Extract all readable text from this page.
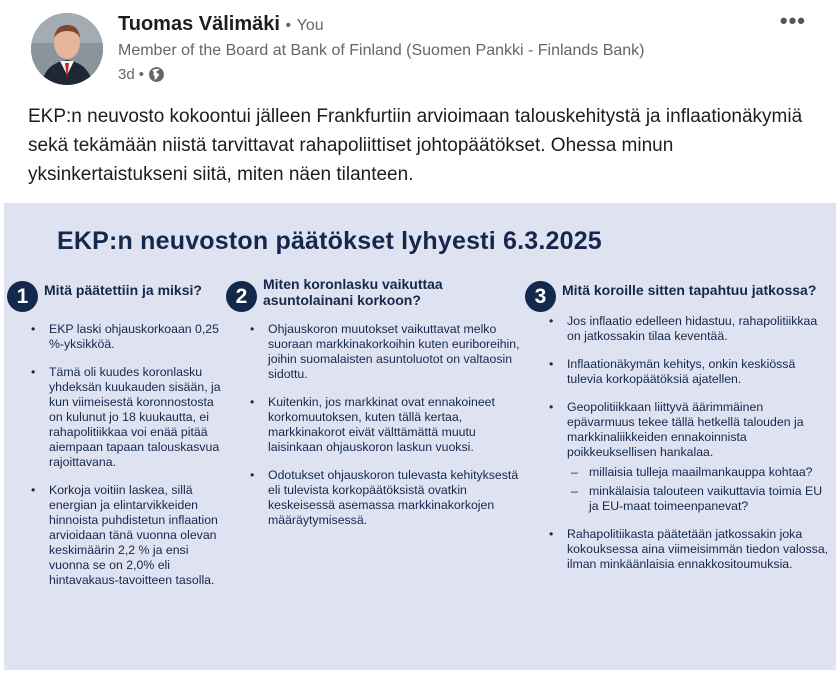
Tuomas Välimäki • You
Member of the Board at Bank of Finland (Suomen Pankki - Finlands Bank)
3d •
•••
EKP:n neuvosto kokoontui jälleen Frankfurtiin arvioimaan talouskehitystä ja inflaationäkymiä sekä tekämään niistä tarvittavat rahapoliittiset johtopäätökset. Ohessa minun yksinkertaistukseni siitä, miten näen tilanteen.
EKP:n neuvoston päätökset lyhyesti 6.3.2025
1	Mitä päätettiin ja miksi?
• EKP laski ohjauskorkoaan 0,25 %-yksikköä.
• Tämä oli kuudes koronlasku yhdeksän kuukauden sisään, ja kun viimeisestä koronnostosta on kulunut jo 18 kuukautta, ei rahapolitiikkaa voi enää pitää aiempaan tapaan talouskasvua rajoittavana.
• Korkoja voitiin laskea, sillä energian ja elintarvikkeiden hinnoista puhdistetun inflaation arvioidaan tänä vuonna olevan keskimäärin 2,2 % ja ensi vuonna se on 2,0% eli hintavakaus-tavoitteen tasolla.
2
Miten koronlasku vaikuttaa asuntolainani korkoon?
• Ohjauskoron muutokset vaikuttavat melko suoraan markkinakorkoihin kuten euriboreihin, joihin suomalaisten asuntoluotot on valtaosin sidottu.
• Kuitenkin, jos markkinat ovat ennakoineet korkomuutoksen, kuten tällä kertaa, markkinakorot eivät välttämättä muutu laisinkaan ohjauskoron laskun vuoksi.
• Odotukset ohjauskoron tulevasta kehityksestä eli tulevista korkopäätöksistä ovatkin keskeisessä asemassa markkinakorkojen määräytymisessä.
3	Mitä koroille sitten tapahtuu jatkossa?
• Jos inflaatio edelleen hidastuu, rahapolitiikkaa on jatkossakin tilaa keventää.
• Inflaationäkymän kehitys, onkin keskiössä tulevia korkopäätöksiä ajatellen.
• Geopolitiikkaan liittyvä äärimmäinen epävarmuus tekee tällä hetkellä talouden ja markkinaliikkeiden ennakoinnista poikkeuksellisen hankalaa.
– millaisia tulleja maailmankauppa kohtaa?
– minkälaisia talouteen vaikuttavia toimia EU ja EU-maat toimeenpanevat?
• Rahapolitiikasta päätetään jatkossakin joka kokouksessa aina viimeisimmän tiedon valossa, ilman minkäänlaisia ennakkositoumuksia.
